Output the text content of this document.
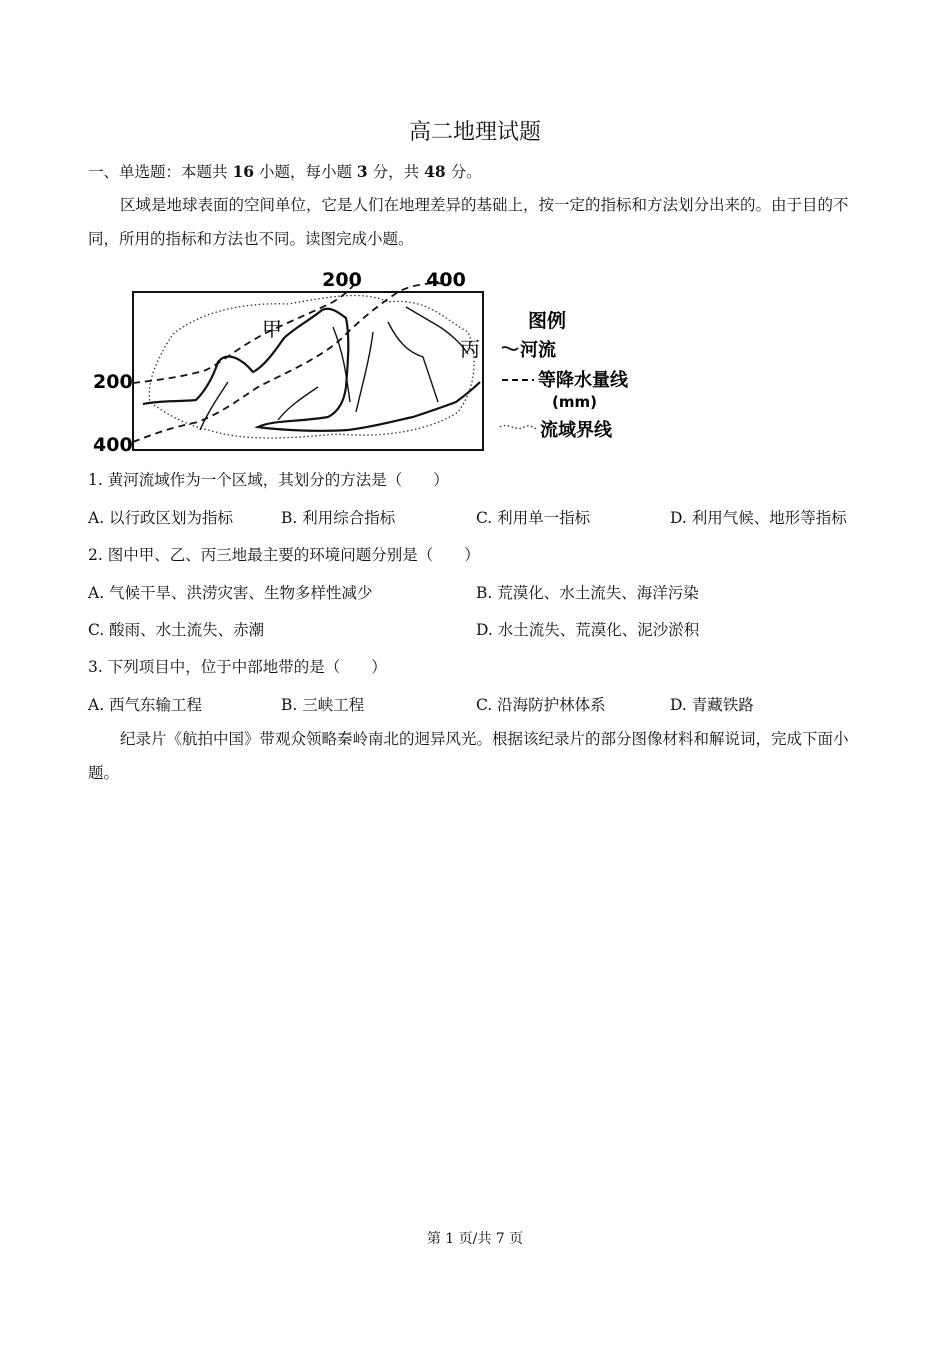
高二地理试题
一、单选题：本题共 16 小题，每小题 3 分，共 48 分。
区域是地球表面的空间单位，它是人们在地理差异的基础上，按一定的指标和方法划分出来的。由于目的不同，所用的指标和方法也不同。读图完成小题。
200	400
200
400
甲
丙
图例
河流
等降水量线
(mm)
流域界线
1. 黄河流域作为一个区域，其划分的方法是（　　）
A. 以行政区划为指标	B. 利用综合指标	C. 利用单一指标	D. 利用气候、地形等指标
2. 图中甲、乙、丙三地最主要的环境问题分别是（　　）
A. 气候干旱、洪涝灾害、生物多样性减少	B. 荒漠化、水土流失、海洋污染
C. 酸雨、水土流失、赤潮	D. 水土流失、荒漠化、泥沙淤积
3. 下列项目中，位于中部地带的是（　　）
A. 西气东输工程	B. 三峡工程	C. 沿海防护林体系	D. 青藏铁路
纪录片《航拍中国》带观众领略秦岭南北的迥异风光。根据该纪录片的部分图像材料和解说词，完成下面小题。
第 1 页/共 7 页
